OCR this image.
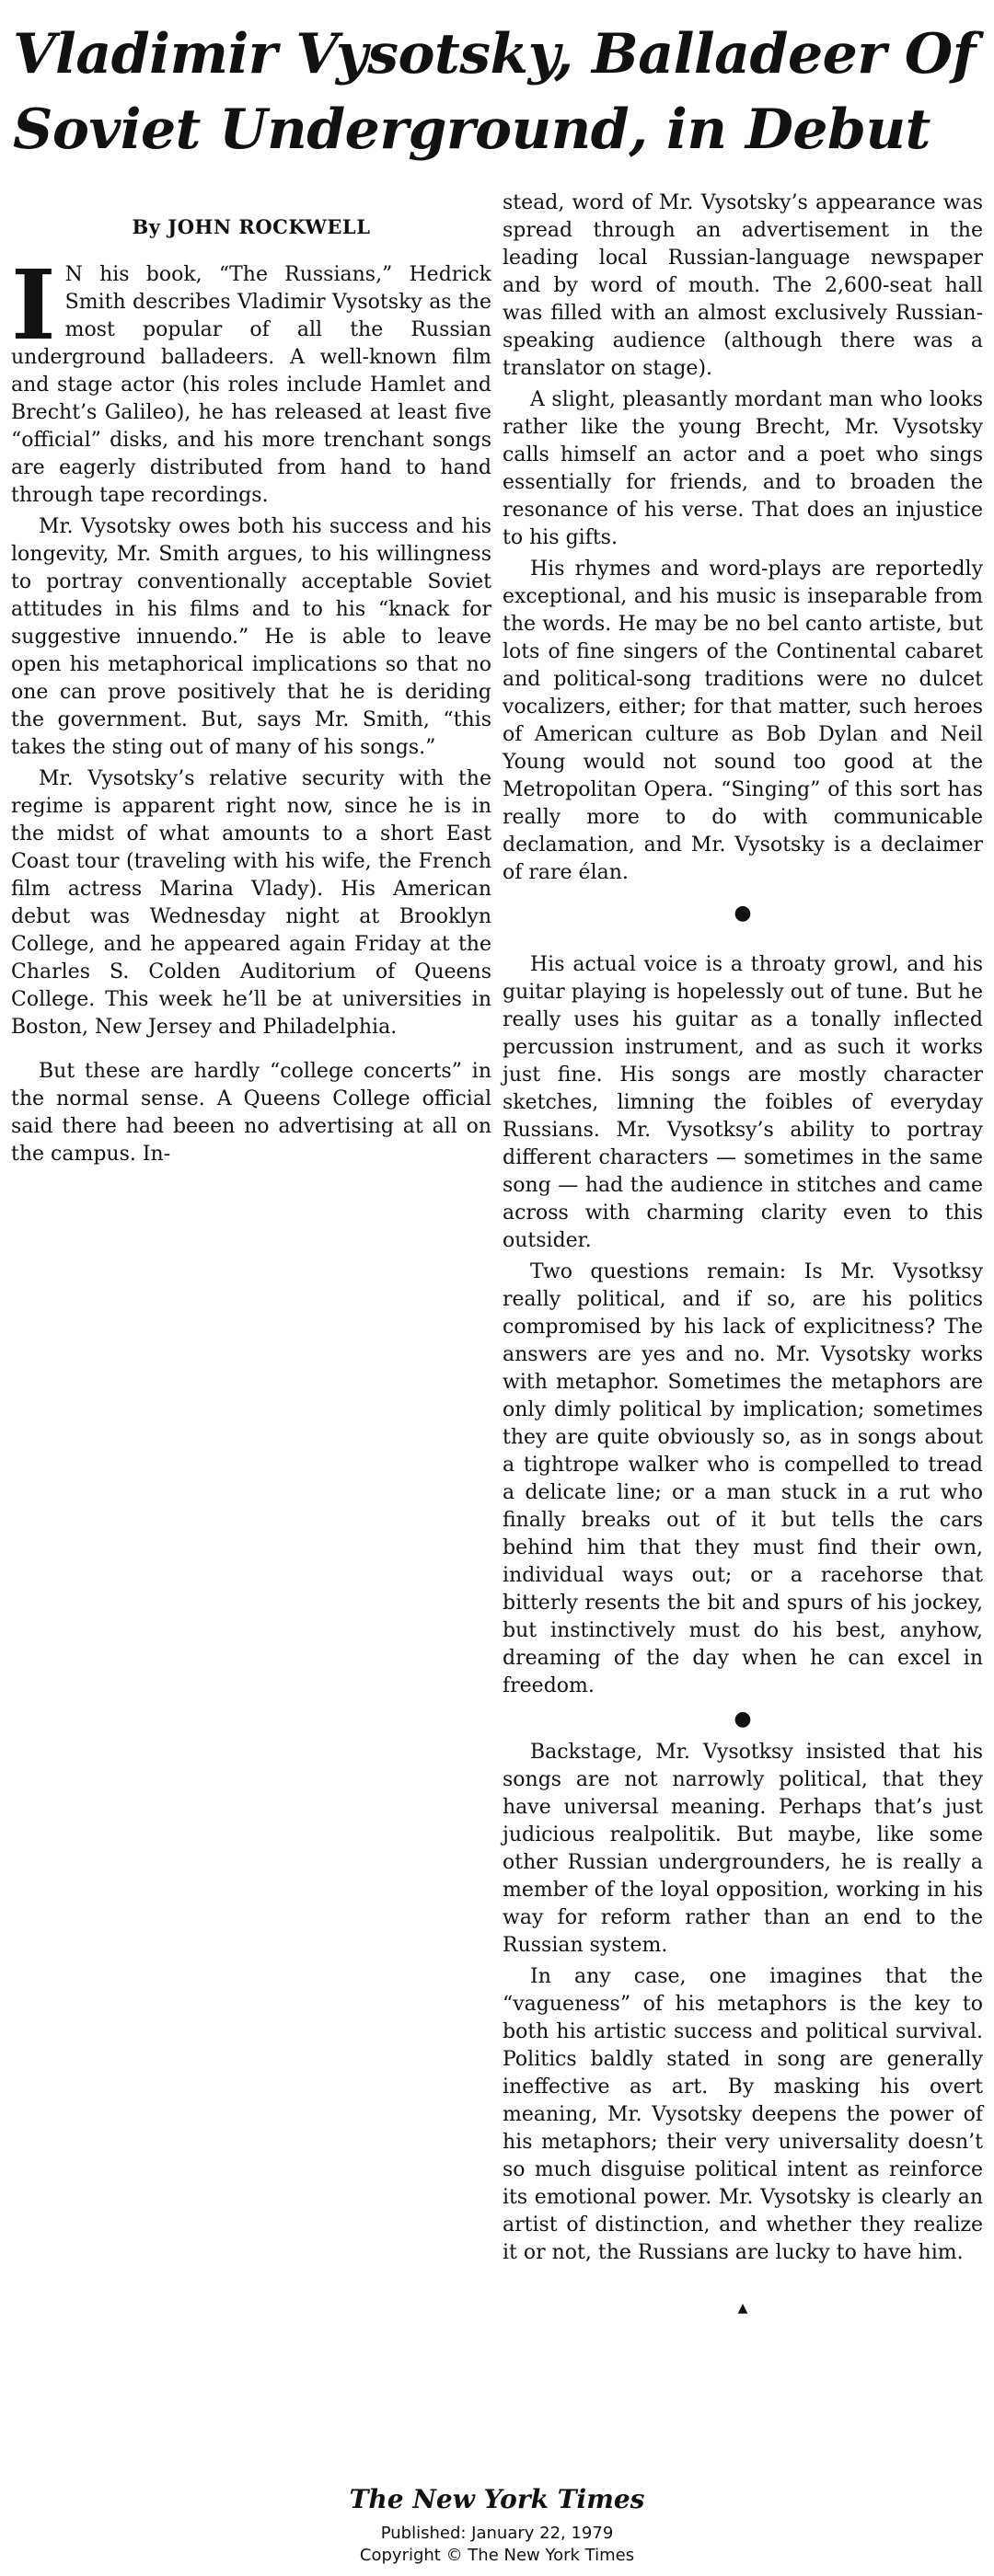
Vladimir Vysotsky, Balladeer Of Soviet Underground, in Debut
By JOHN ROCKWELL

I N his book, “The Russians,” Hedrick Smith describes Vladimir Vysotsky as the most popular of all the Russian underground balladeers. A well-known film and stage actor (his roles include Hamlet and Brecht’s Galileo), he has released at least five “official” disks, and his more trenchant songs are eagerly distributed from hand to hand through tape recordings.

Mr. Vysotsky owes both his success and his longevity, Mr. Smith argues, to his willingness to portray conventionally acceptable Soviet attitudes in his films and to his “knack for suggestive innuendo.” He is able to leave open his metaphorical implications so that no one can prove positively that he is deriding the government. But, says Mr. Smith, “this takes the sting out of many of his songs.”

Mr. Vysotsky’s relative security with the regime is apparent right now, since he is in the midst of what amounts to a short East Coast tour (traveling with his wife, the French film actress Marina Vlady). His American debut was Wednesday night at Brooklyn College, and he appeared again Friday at the Charles S. Colden Auditorium of Queens College. This week he’ll be at universities in Boston, New Jersey and Philadelphia.

But these are hardly “college concerts” in the normal sense. A Queens College official said there had beeen no advertising at all on the campus. In-

stead, word of Mr. Vysotsky’s appearance was spread through an advertisement in the leading local Russian-language newspaper and by word of mouth. The 2,600-seat hall was filled with an almost exclusively Russian-speaking audience (although there was a translator on stage).

A slight, pleasantly mordant man who looks rather like the young Brecht, Mr. Vysotsky calls himself an actor and a poet who sings essentially for friends, and to broaden the resonance of his verse. That does an injustice to his gifts.

His rhymes and word-plays are reportedly exceptional, and his music is inseparable from the words. He may be no bel canto artiste, but lots of fine singers of the Continental cabaret and political-song traditions were no dulcet vocalizers, either; for that matter, such heroes of American culture as Bob Dylan and Neil Young would not sound too good at the Metropolitan Opera. “Singing” of this sort has really more to do with communicable declamation, and Mr. Vysotsky is a declaimer of rare élan.

●

His actual voice is a throaty growl, and his guitar playing is hopelessly out of tune. But he really uses his guitar as a tonally inflected percussion instrument, and as such it works just fine. His songs are mostly character sketches, limning the foibles of everyday Russians. Mr. Vysotksy’s ability to portray different characters — sometimes in the same song — had the audience in stitches and came across with charming clarity even to this outsider.

Two questions remain: Is Mr. Vysotksy really political, and if so, are his politics compromised by his lack of explicitness? The answers are yes and no. Mr. Vysotsky works with metaphor. Sometimes the metaphors are only dimly political by implication; sometimes they are quite obviously so, as in songs about a tightrope walker who is compelled to tread a delicate line; or a man stuck in a rut who finally breaks out of it but tells the cars behind him that they must find their own, individual ways out; or a racehorse that bitterly resents the bit and spurs of his jockey, but instinctively must do his best, anyhow, dreaming of the day when he can excel in freedom.

●

Backstage, Mr. Vysotksy insisted that his songs are not narrowly political, that they have universal meaning. Perhaps that’s just judicious realpolitik. But maybe, like some other Russian undergrounders, he is really a member of the loyal opposition, working in his way for reform rather than an end to the Russian system.

In any case, one imagines that the “vagueness” of his metaphors is the key to both his artistic success and political survival. Politics baldly stated in song are generally ineffective as art. By masking his overt meaning, Mr. Vysotsky deepens the power of his metaphors; their very universality doesn’t so much disguise political intent as reinforce its emotional power. Mr. Vysotsky is clearly an artist of distinction, and whether they realize it or not, the Russians are lucky to have him.

▲
The New York Times
Published: January 22, 1979
Copyright © The New York Times
